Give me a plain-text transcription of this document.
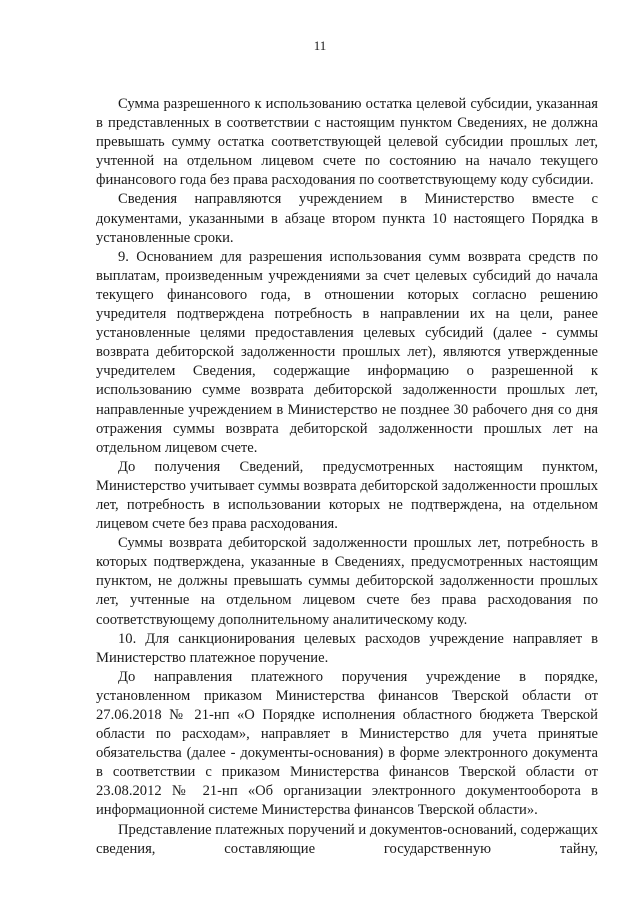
11

Сумма разрешенного к использованию остатка целевой субсидии, указанная в представленных в соответствии с настоящим пунктом Сведениях, не должна превышать сумму остатка соответствующей целевой субсидии прошлых лет, учтенной на отдельном лицевом счете по состоянию на начало текущего финансового года без права расходования по соответствующему коду субсидии.

Сведения направляются учреждением в Министерство вместе с документами, указанными в абзаце втором пункта 10 настоящего Порядка в установленные сроки.

9. Основанием для разрешения использования сумм возврата средств по выплатам, произведенным учреждениями за счет целевых субсидий до начала текущего финансового года, в отношении которых согласно решению учредителя подтверждена потребность в направлении их на цели, ранее установленные целями предоставления целевых субсидий (далее - суммы возврата дебиторской задолженности прошлых лет), являются утвержденные учредителем Сведения, содержащие информацию о разрешенной к использованию сумме возврата дебиторской задолженности прошлых лет, направленные учреждением в Министерство не позднее 30 рабочего дня со дня отражения суммы возврата дебиторской задолженности прошлых лет на отдельном лицевом счете.

До получения Сведений, предусмотренных настоящим пунктом, Министерство учитывает суммы возврата дебиторской задолженности прошлых лет, потребность в использовании которых не подтверждена, на отдельном лицевом счете без права расходования.

Суммы возврата дебиторской задолженности прошлых лет, потребность в которых подтверждена, указанные в Сведениях, предусмотренных настоящим пунктом, не должны превышать суммы дебиторской задолженности прошлых лет, учтенные на отдельном лицевом счете без права расходования по соответствующему дополнительному аналитическому коду.

10. Для санкционирования целевых расходов учреждение направляет в Министерство платежное поручение.

До направления платежного поручения учреждение в порядке, установленном приказом Министерства финансов Тверской области от 27.06.2018 № 21-нп «О Порядке исполнения областного бюджета Тверской области по расходам», направляет в Министерство для учета принятые обязательства (далее - документы-основания) в форме электронного документа в соответствии с приказом Министерства финансов Тверской области от 23.08.2012 № 21-нп «Об организации электронного документооборота в информационной системе Министерства финансов Тверской области».

Представление платежных поручений и документов-оснований, содержащих сведения, составляющие государственную тайну,
